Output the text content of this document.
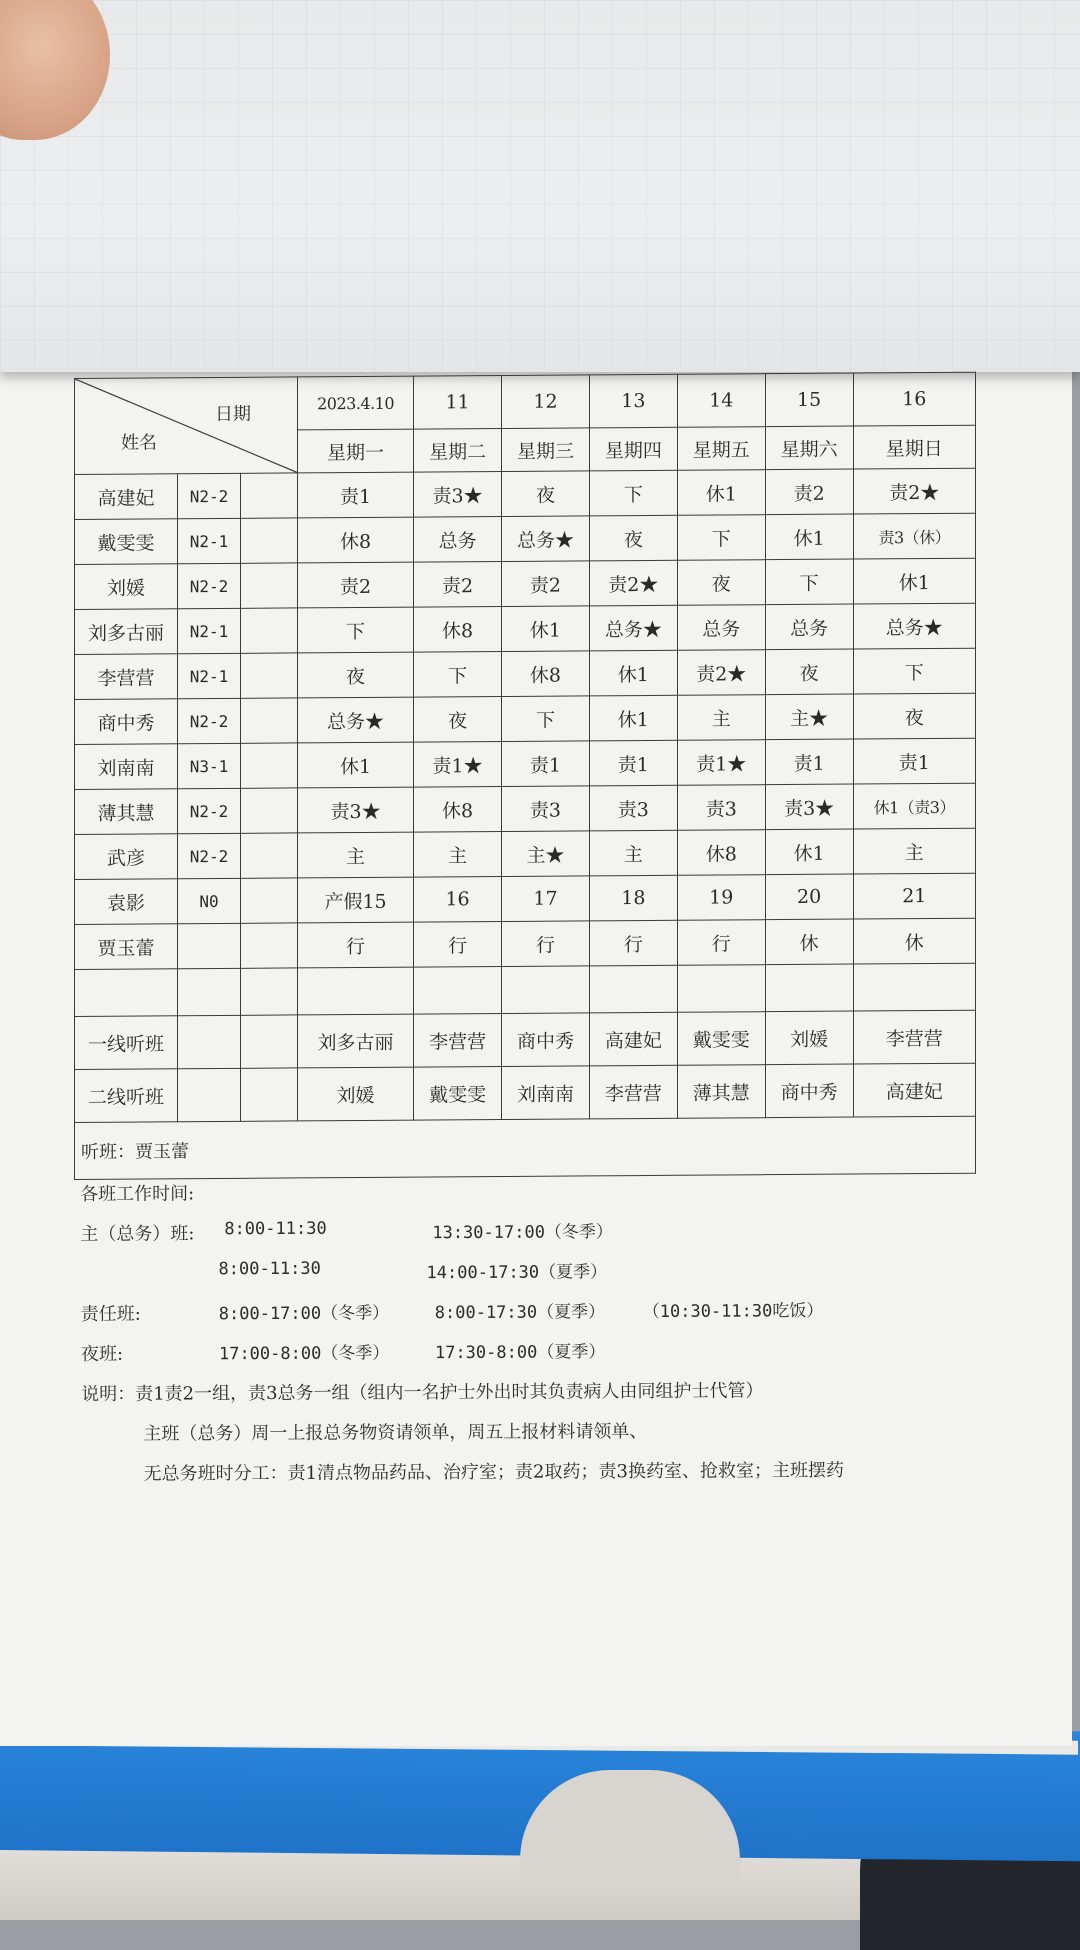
日期
姓名			2023.4.10	11	12	13	14	15	16
			星期一	星期二	星期三	星期四	星期五	星期六	星期日
高建妃	N2-2		责1	责3★	夜	下	休1	责2	责2★
戴雯雯	N2-1		休8	总务	总务★	夜	下	休1	责3（休）
刘媛	N2-2		责2	责2	责2	责2★	夜	下	休1
刘多古丽	N2-1		下	休8	休1	总务★	总务	总务	总务★
李营营	N2-1		夜	下	休8	休1	责2★	夜	下
商中秀	N2-2		总务★	夜	下	休1	主	主★	夜
刘南南	N3-1		休1	责1★	责1	责1	责1★	责1	责1
薄其慧	N2-2		责3★	休8	责3	责3	责3	责3★	休1（责3）
武彦	N2-2		主	主	主★	主	休8	休1	主
袁影	N0		产假15	16	17	18	19	20	21
贾玉蕾			行	行	行	行	行	休	休

一线听班			刘多古丽	李营营	商中秀	高建妃	戴雯雯	刘媛	李营营
二线听班			刘媛	戴雯雯	刘南南	李营营	薄其慧	商中秀	高建妃
听班：贾玉蕾									
各班工作时间:
主（总务）班: 8:00-11:30	13:30-17:00（冬季）
8:00-11:30	14:00-17:30（夏季）
责任班:	8:00-17:00（冬季）	8:00-17:30（夏季） （10:30-11:30吃饭）
夜班:	17:00-8:00（冬季）	17:30-8:00（夏季）
说明：责1责2一组，责3总务一组（组内一名护士外出时其负责病人由同组护士代管）
主班（总务）周一上报总务物资请领单，周五上报材料请领单、
无总务班时分工：责1清点物品药品、治疗室；责2取药；责3换药室、抢救室；主班摆药
